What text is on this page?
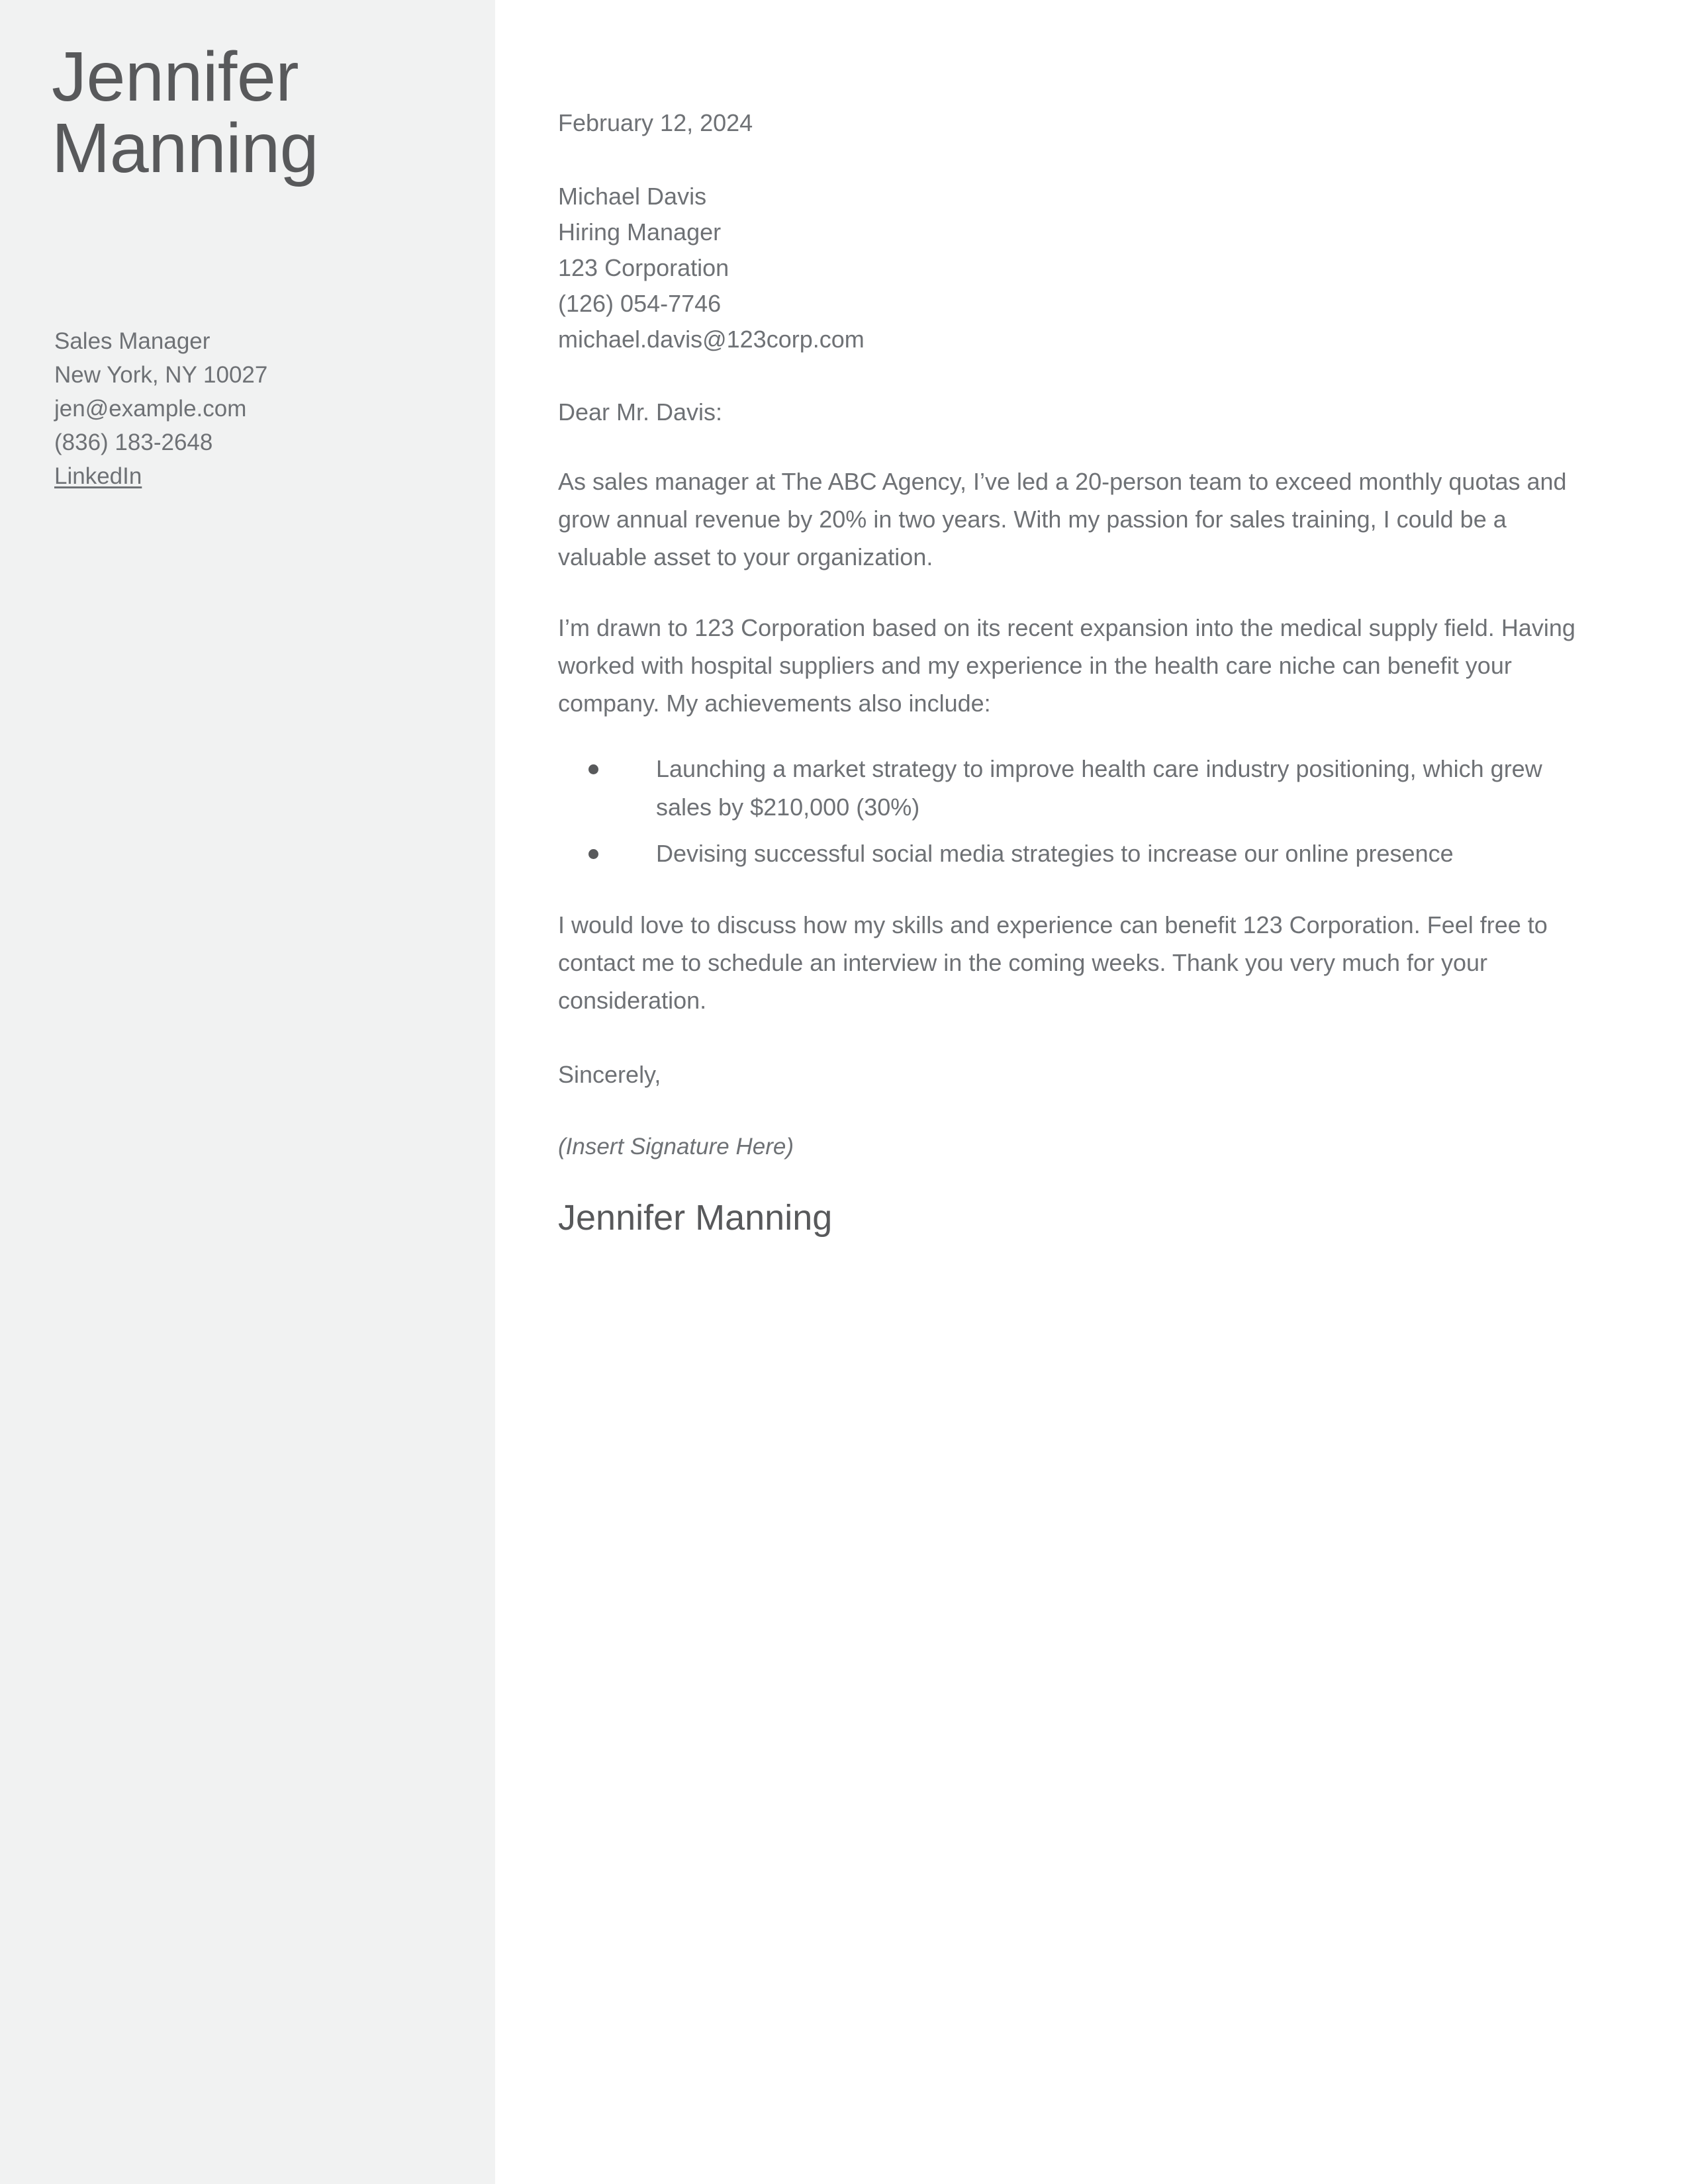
Jennifer
Manning
Sales Manager
New York, NY 10027
jen@example.com
(836) 183-2648
LinkedIn
February 12, 2024
Michael Davis
Hiring Manager
123 Corporation
(126) 054-7746
michael.davis@123corp.com
Dear Mr. Davis:

As sales manager at The ABC Agency, I’ve led a 20-person team to exceed monthly quotas and grow annual revenue by 20% in two years. With my passion for sales training, I could be a valuable asset to your organization.

I’m drawn to 123 Corporation based on its recent expansion into the medical supply field. Having worked with hospital suppliers and my experience in the health care niche can benefit your company. My achievements also include:

Launching a market strategy to improve health care industry positioning, which grew sales by $210,000 (30%)
Devising successful social media strategies to increase our online presence

I would love to discuss how my skills and experience can benefit 123 Corporation. Feel free to contact me to schedule an interview in the coming weeks. Thank you very much for your consideration.

Sincerely,
(Insert Signature Here)
Jennifer Manning
